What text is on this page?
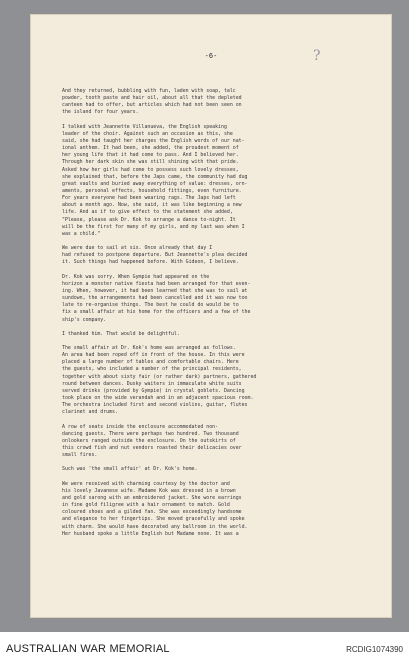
-6-	?
And they returned, bubbling with fun, laden with soap, talc
powder, tooth paste and hair oil, about all that the depleted
canteen had to offer, but articles which had not been seen on
the island for four years.
I talked with Jeannette Villanueva, the English speaking
leader of the choir. Against such an occasion as this, she
said, she had taught her charges the English words of our nat-
ional anthem. It had been, she added, the proudest moment of
her young life that it had come to pass. And I believed her.
Through her dark skin she was still shining with that pride.
Asked how her girls had come to possess such lovely dresses,
she explained that, before the Japs came, the community had dug
great vaults and buried away everything of value: dresses, orn-
aments, personal effects, household fittings, even furniture.
For years everyone had been wearing rags. The Japs had left
about a month ago. Now, she said, it was like beginning a new
life. And as if to give effect to the statement she added,
"Please, please ask Dr. Kok to arrange a dance to-night. It
will be the first for many of my girls, and my last was when I
was a child."
We were due to sail at six. Once already that day I
had refused to postpone departure. But Jeannette's plea decided
it. Such things had happened before. With Gideon, I believe.
Dr. Kok was sorry. When Gympie had appeared on the
horizon a monster native fiesta had been arranged for that even-
ing. When, however, it had been learned that she was to sail at
sundown, the arrangements had been cancelled and it was now too
late to re-organise things. The best he could do would be to
fix a small affair at his home for the officers and a few of the
ship's company.
I thanked him. That would be delightful.
The small affair at Dr. Kok's home was arranged as follows.
An area had been roped off in front of the house. In this were
placed a large number of tables and comfortable chairs. Here
the guests, who included a number of the principal residents,
together with about sixty fair (or rather dark) partners, gathered
round between dances. Dusky waiters in immaculate white suits
served drinks (provided by Gympie) in crystal goblets. Dancing
took place on the wide verandah and in an adjacent spacious room.
The orchestra included first and second violins, guitar, flutes
clarinet and drums.
A row of seats inside the enclosure accommodated non-
dancing guests. There were perhaps two hundred. Two thousand
onlookers ranged outside the enclosure. On the outskirts of
this crowd fish and nut vendors roasted their delicacies over
small fires.
Such was 'the small affair' at Dr. Kok's home.
We were received with charming courtesy by the doctor and
his lovely Javanese wife. Madame Kok was dressed in a brown
and gold sarong with an embroidered jacket. She wore earrings
in fine gold filigree with a hair ornament to match. Gold
coloured shoes and a gilded fan. She was exceedingly handsome
and elegance to her fingertips. She moved gracefully and spoke
with charm. She would have decorated any ballroom in the world.
Her husband spoke a little English but Madame none. It was a
AUSTRALIAN WAR MEMORIAL	RCDIG1074390
